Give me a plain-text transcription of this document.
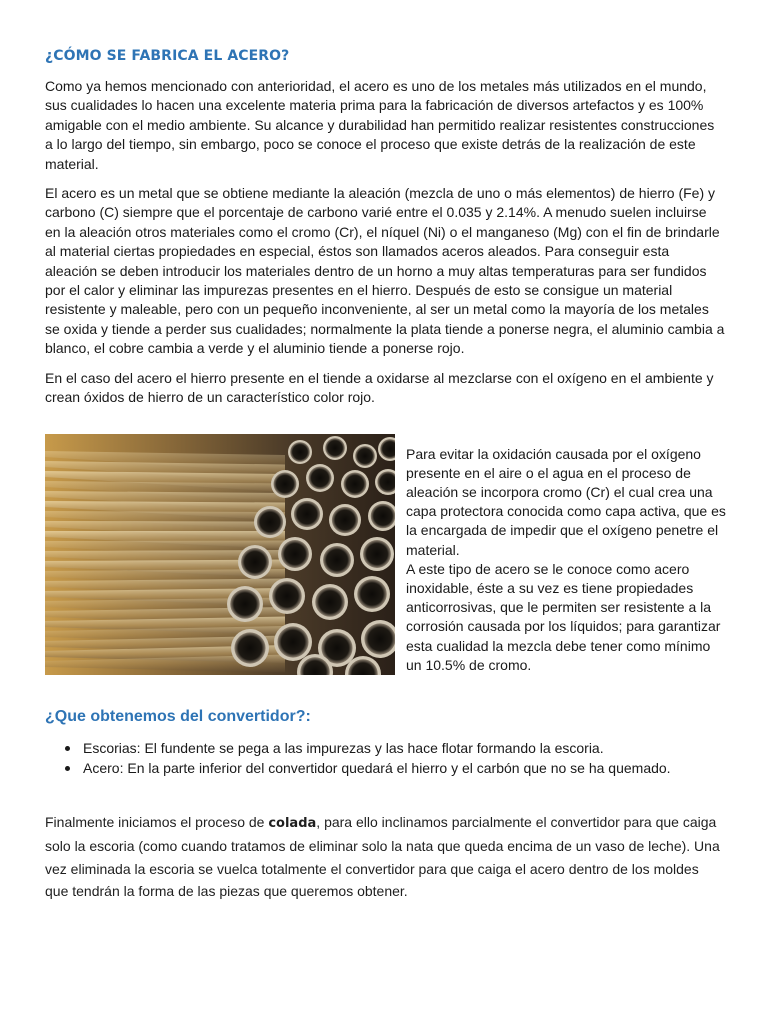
¿CÓMO SE FABRICA EL ACERO?

Como ya hemos mencionado con anterioridad, el acero es uno de los metales más utilizados en el mundo, sus cualidades lo hacen una excelente materia prima para la fabricación de diversos artefactos y es 100% amigable con el medio ambiente. Su alcance y durabilidad han permitido realizar resistentes construcciones a lo largo del tiempo, sin embargo, poco se conoce el proceso que existe detrás de la realización de este material.

El acero es un metal que se obtiene mediante la aleación (mezcla de uno o más elementos) de hierro (Fe) y carbono (C) siempre que el porcentaje de carbono varié entre el 0.035 y 2.14%. A menudo suelen incluirse en la aleación otros materiales como el cromo (Cr), el níquel (Ni) o el manganeso (Mg) con el fin de brindarle al material ciertas propiedades en especial, éstos son llamados aceros aleados. Para conseguir esta aleación se deben introducir los materiales dentro de un horno a muy altas temperaturas para ser fundidos por el calor y eliminar las impurezas presentes en el hierro. Después de esto se consigue un material resistente y maleable, pero con un pequeño inconveniente, al ser un metal como la mayoría de los metales se oxida y tiende a perder sus cualidades; normalmente la plata tiende a ponerse negra, el aluminio cambia a blanco, el cobre cambia a verde y el aluminio tiende a ponerse rojo.

En el caso del acero el hierro presente en el tiende a oxidarse al mezclarse con el oxígeno en el ambiente y crean óxidos de hierro de un característico color rojo.

Para evitar la oxidación causada por el oxígeno presente en el aire o el agua en el proceso de aleación se incorpora cromo (Cr) el cual crea una capa protectora conocida como capa activa, que es la encargada de impedir que el oxígeno penetre el material.
A este tipo de acero se le conoce como acero inoxidable, éste a su vez es tiene propiedades anticorrosivas, que le permiten ser resistente a la corrosión causada por los líquidos; para garantizar esta cualidad la mezcla debe tener como mínimo un 10.5% de cromo.
¿Que obtenemos del convertidor?:
Escorias: El fundente se pega a las impurezas y las hace flotar formando la escoria.
Acero: En la parte inferior del convertidor quedará el hierro y el carbón que no se ha quemado.
Finalmente iniciamos el proceso de colada, para ello inclinamos parcialmente el convertidor para que caiga solo la escoria (como cuando tratamos de eliminar solo la nata que queda encima de un vaso de leche). Una vez eliminada la escoria se vuelca totalmente el convertidor para que caiga el acero dentro de los moldes que tendrán la forma de las piezas que queremos obtener.
